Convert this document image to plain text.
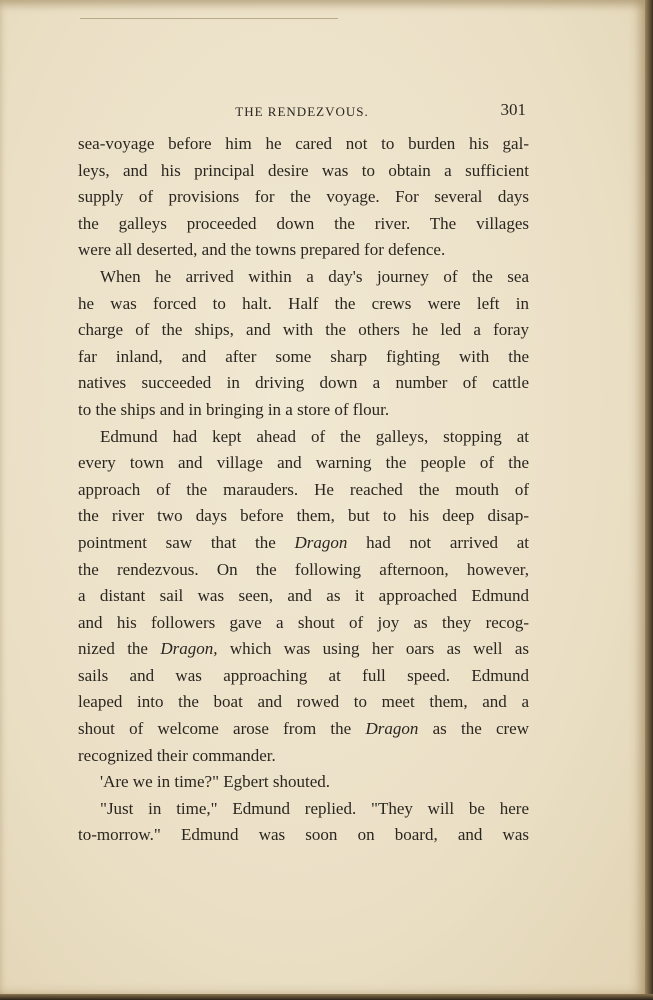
THE RENDEZVOUS.	301
sea-voyage before him he cared not to burden his gal-
leys, and his principal desire was to obtain a sufficient
supply of provisions for the voyage. For several days
the galleys proceeded down the river. The villages
were all deserted, and the towns prepared for defence.
When he arrived within a day's journey of the sea
he was forced to halt. Half the crews were left in
charge of the ships, and with the others he led a foray
far inland, and after some sharp fighting with the
natives succeeded in driving down a number of cattle
to the ships and in bringing in a store of flour.
Edmund had kept ahead of the galleys, stopping at
every town and village and warning the people of the
approach of the marauders. He reached the mouth of
the river two days before them, but to his deep disap-
pointment saw that the Dragon had not arrived at
the rendezvous. On the following afternoon, however,
a distant sail was seen, and as it approached Edmund
and his followers gave a shout of joy as they recog-
nized the Dragon, which was using her oars as well as
sails and was approaching at full speed. Edmund
leaped into the boat and rowed to meet them, and a
shout of welcome arose from the Dragon as the crew
recognized their commander.
'Are we in time?" Egbert shouted.
"Just in time," Edmund replied. "They will be here
to-morrow." Edmund was soon on board, and was
